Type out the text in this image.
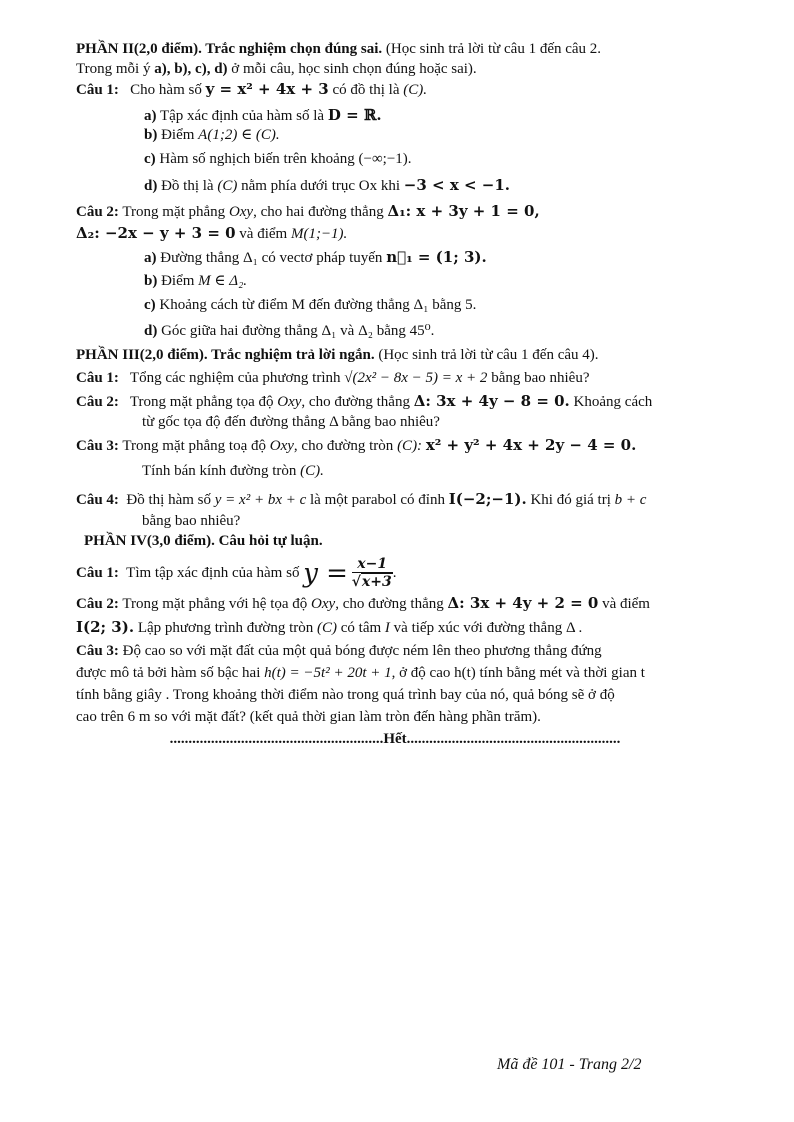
PHẦN II(2,0 điểm). Trắc nghiệm chọn đúng sai. (Học sinh trả lời từ câu 1 đến câu 2.
Trong mỗi ý a), b), c), d) ở mỗi câu, học sinh chọn đúng hoặc sai).
Câu 1: Cho hàm số y = x² + 4x + 3 có đồ thị là (C).
a) Tập xác định của hàm số là D = ℝ.
b) Điểm A(1;2) ∈ (C).
c) Hàm số nghịch biến trên khoảng (−∞;−1).
d) Đồ thị là (C) nằm phía dưới trục Ox khi −3 < x < −1.
Câu 2: Trong mặt phẳng Oxy, cho hai đường thẳng Δ₁: x + 3y + 1 = 0,
Δ₂: −2x − y + 3 = 0 và điểm M(1;−1).
a) Đường thẳng Δ₁ có vectơ pháp tuyến n⃗₁ = (1; 3).
b) Điểm M ∈ Δ₂.
c) Khoảng cách từ điểm M đến đường thẳng Δ₁ bằng 5.
d) Góc giữa hai đường thẳng Δ₁ và Δ₂ bằng 45⁰.
PHẦN III(2,0 điểm). Trắc nghiệm trả lời ngắn. (Học sinh trả lời từ câu 1 đến câu 4).
Câu 1: Tổng các nghiệm của phương trình √(2x² − 8x − 5) = x + 2 bằng bao nhiêu?
Câu 2: Trong mặt phẳng tọa độ Oxy, cho đường thẳng Δ: 3x + 4y − 8 = 0. Khoảng cách
từ gốc tọa độ đến đường thẳng Δ bằng bao nhiêu?
Câu 3: Trong mặt phẳng toạ độ Oxy, cho đường tròn (C): x² + y² + 4x + 2y − 4 = 0.
Tính bán kính đường tròn (C).
Câu 4: Đồ thị hàm số y = x² + bx + c là một parabol có đỉnh I(−2;−1). Khi đó giá trị b + c
bằng bao nhiêu?
PHẦN IV(3,0 điểm). Câu hỏi tự luận.
Câu 1: Tìm tập xác định của hàm số $y = \frac{x-1}{√x+3}$ .
Câu 2: Trong mặt phẳng với hệ tọa độ Oxy, cho đường thẳng Δ: 3x + 4y + 2 = 0 và điểm
I(2; 3). Lập phương trình đường tròn (C) có tâm I và tiếp xúc với đường thẳng Δ .
Câu 3: Độ cao so với mặt đất của một quả bóng được ném lên theo phương thẳng đứng
được mô tả bởi hàm số bậc hai h(t) = −5t² + 20t + 1, ở độ cao h(t) tính bằng mét và thời gian t
tính bằng giây . Trong khoảng thời điểm nào trong quá trình bay của nó, quả bóng sẽ ở độ
cao trên 6 m so với mặt đất? (kết quả thời gian làm tròn đến hàng phần trăm).
.........................................................Hết.........................................................
Mã đề 101 - Trang 2/2
